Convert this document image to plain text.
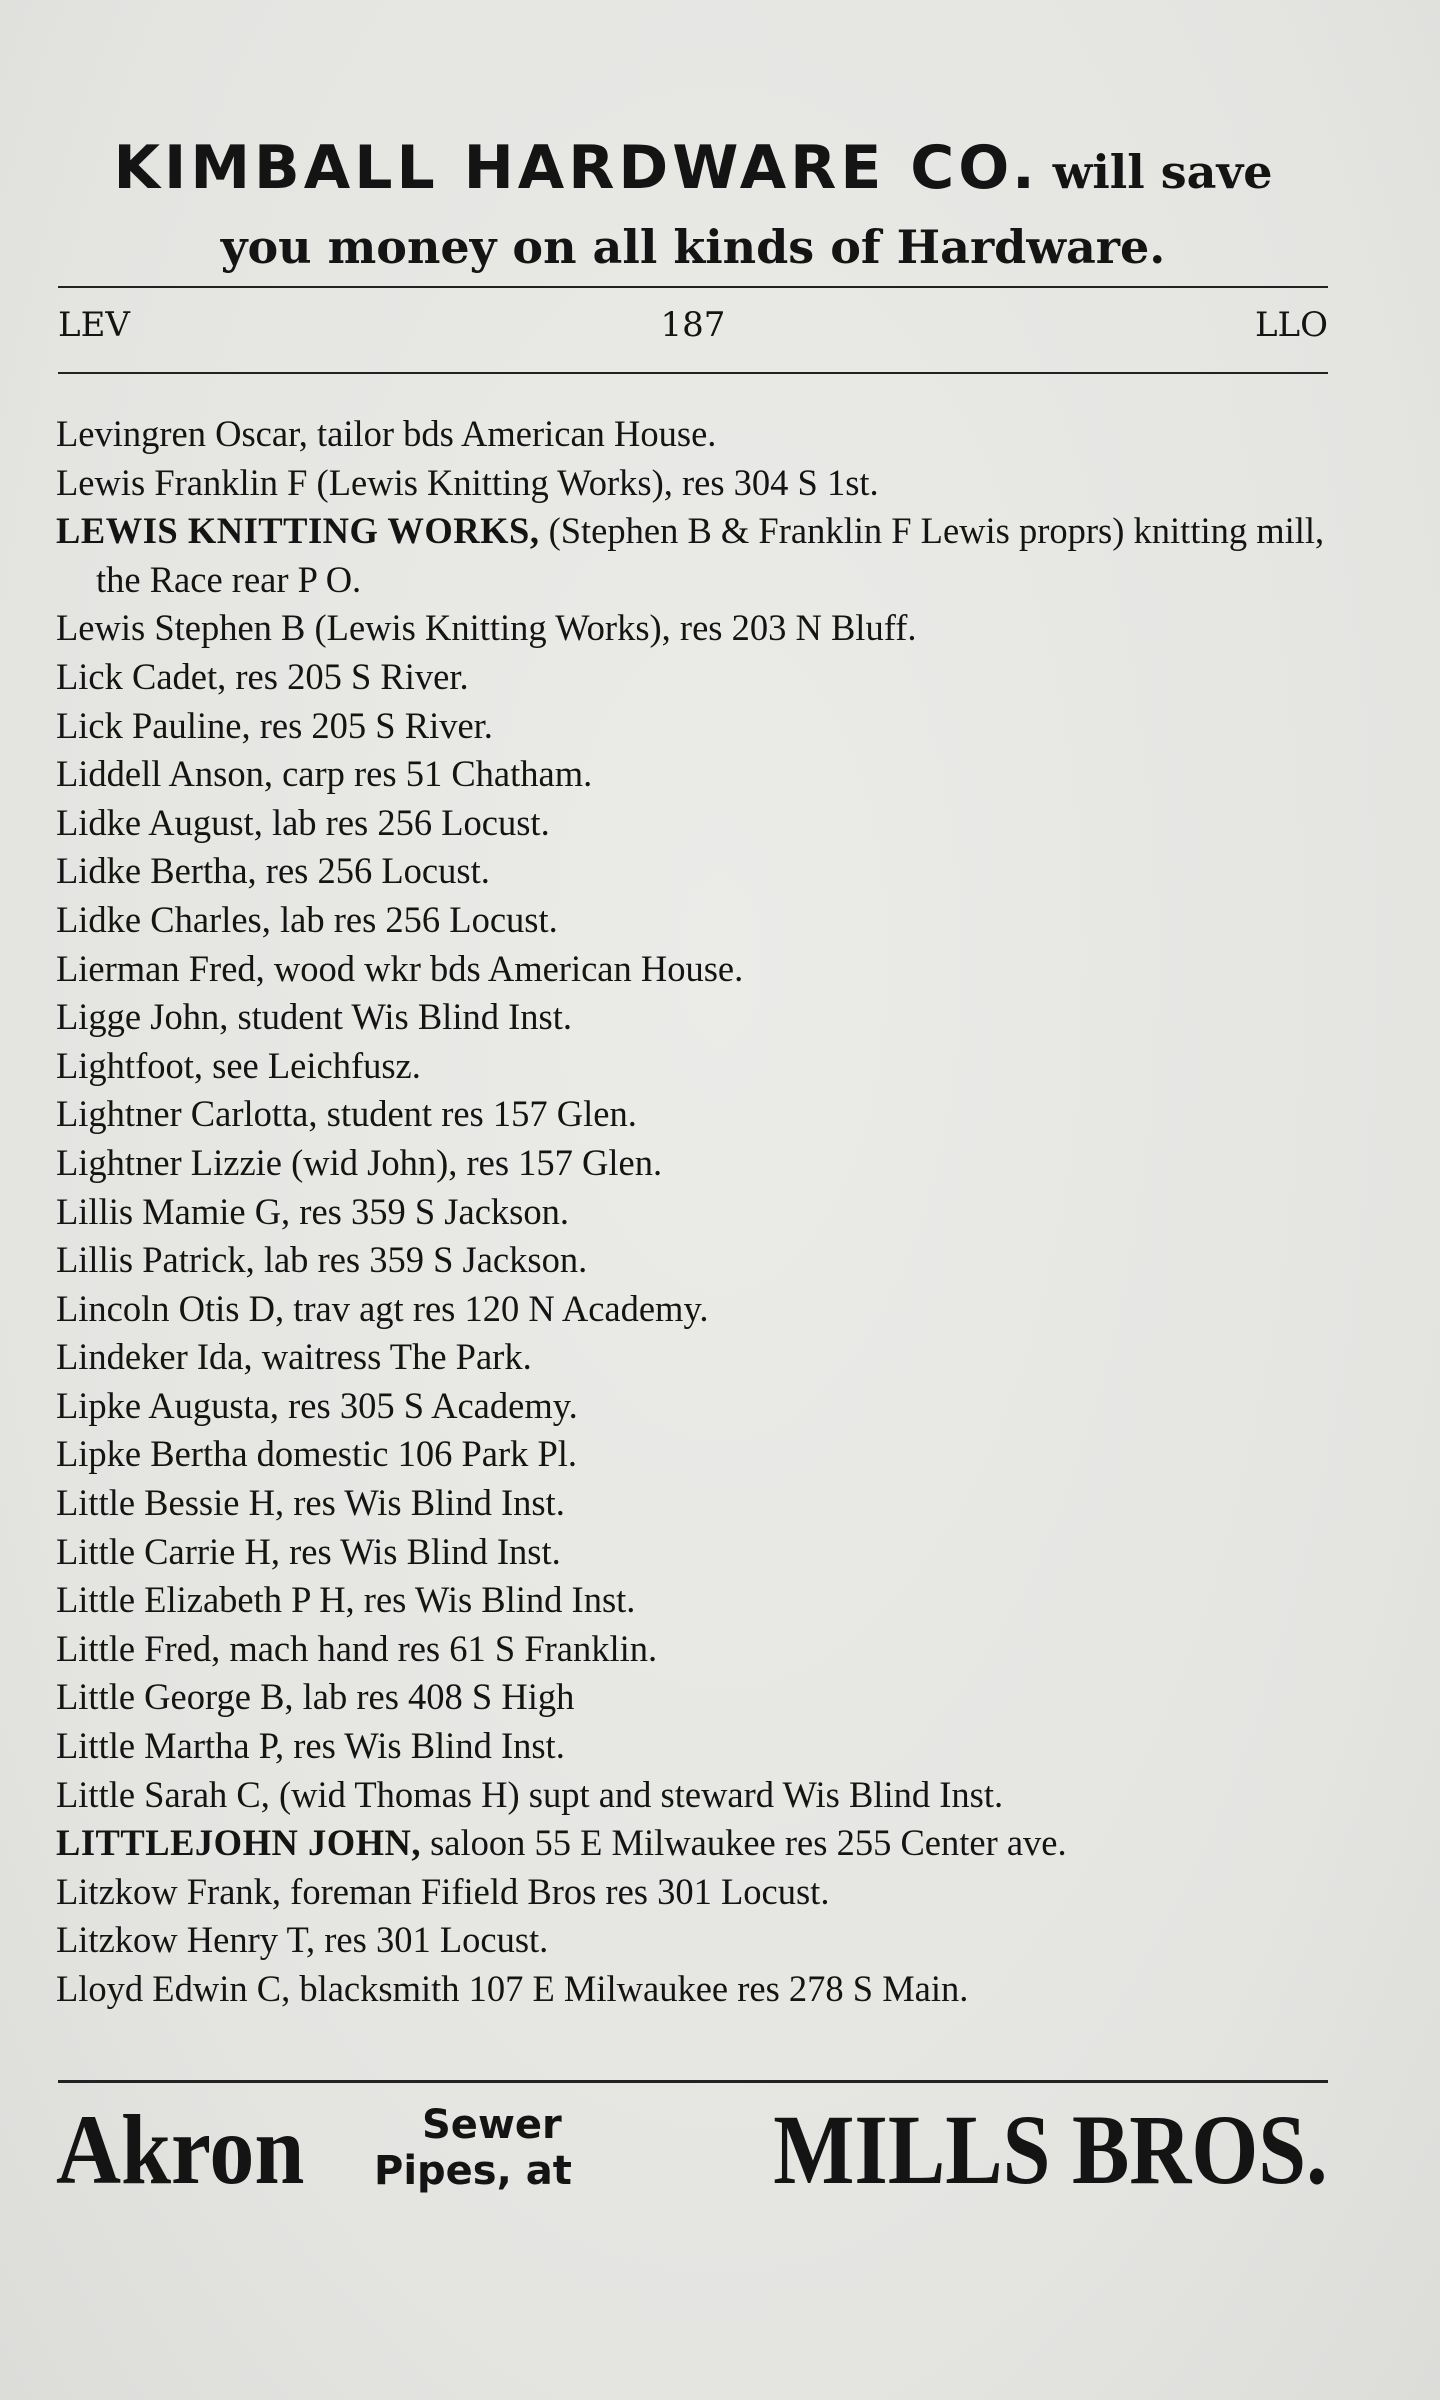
KIMBALL HARDWARE CO. will save
you money on all kinds of Hardware.
LEV	187	LLO
Levingren Oscar, tailor bds American House.
Lewis Franklin F (Lewis Knitting Works), res 304 S 1st.
LEWIS KNITTING WORKS, (Stephen B & Franklin F Lewis proprs) knitting mill, the Race rear P O.
Lewis Stephen B (Lewis Knitting Works), res 203 N Bluff.
Lick Cadet, res 205 S River.
Lick Pauline, res 205 S River.
Liddell Anson, carp res 51 Chatham.
Lidke August, lab res 256 Locust.
Lidke Bertha, res 256 Locust.
Lidke Charles, lab res 256 Locust.
Lierman Fred, wood wkr bds American House.
Ligge John, student Wis Blind Inst.
Lightfoot, see Leichfusz.
Lightner Carlotta, student res 157 Glen.
Lightner Lizzie (wid John), res 157 Glen.
Lillis Mamie G, res 359 S Jackson.
Lillis Patrick, lab res 359 S Jackson.
Lincoln Otis D, trav agt res 120 N Academy.
Lindeker Ida, waitress The Park.
Lipke Augusta, res 305 S Academy.
Lipke Bertha domestic 106 Park Pl.
Little Bessie H, res Wis Blind Inst.
Little Carrie H, res Wis Blind Inst.
Little Elizabeth P H, res Wis Blind Inst.
Little Fred, mach hand res 61 S Franklin.
Little George B, lab res 408 S High
Little Martha P, res Wis Blind Inst.
Little Sarah C, (wid Thomas H) supt and steward Wis Blind Inst.
LITTLEJOHN JOHN, saloon 55 E Milwaukee res 255 Center ave.
Litzkow Frank, foreman Fifield Bros res 301 Locust.
Litzkow Henry T, res 301 Locust.
Lloyd Edwin C, blacksmith 107 E Milwaukee res 278 S Main.
Akron	Sewer
Pipes, at MILLS BROS.
